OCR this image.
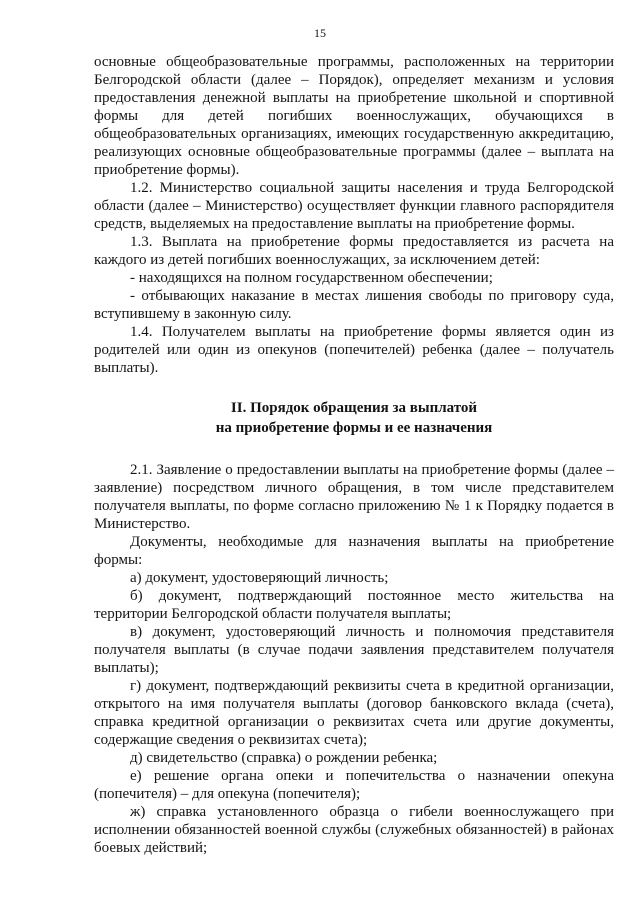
15

основные общеобразовательные программы, расположенных на территории Белгородской области (далее – Порядок), определяет механизм и условия предоставления денежной выплаты на приобретение школьной и спортивной формы для детей погибших военнослужащих, обучающихся в общеобразовательных организациях, имеющих государственную аккредитацию, реализующих основные общеобразовательные программы (далее – выплата на приобретение формы).

1.2. Министерство социальной защиты населения и труда Белгородской области (далее – Министерство) осуществляет функции главного распорядителя средств, выделяемых на предоставление выплаты на приобретение формы.

1.3. Выплата на приобретение формы предоставляется из расчета на каждого из детей погибших военнослужащих, за исключением детей:

- находящихся на полном государственном обеспечении;

- отбывающих наказание в местах лишения свободы по приговору суда, вступившему в законную силу.

1.4. Получателем выплаты на приобретение формы является один из родителей или один из опекунов (попечителей) ребенка (далее – получатель выплаты).

II. Порядок обращения за выплатой
на приобретение формы и ее назначения

2.1. Заявление о предоставлении выплаты на приобретение формы (далее – заявление) посредством личного обращения, в том числе представителем получателя выплаты, по форме согласно приложению № 1 к Порядку подается в Министерство.

Документы, необходимые для назначения выплаты на приобретение формы:

а) документ, удостоверяющий личность;

б) документ, подтверждающий постоянное место жительства на территории Белгородской области получателя выплаты;

в) документ, удостоверяющий личность и полномочия представителя получателя выплаты (в случае подачи заявления представителем получателя выплаты);

г) документ, подтверждающий реквизиты счета в кредитной организации, открытого на имя получателя выплаты (договор банковского вклада (счета), справка кредитной организации о реквизитах счета или другие документы, содержащие сведения о реквизитах счета);

д) свидетельство (справка) о рождении ребенка;

е) решение органа опеки и попечительства о назначении опекуна (попечителя) – для опекуна (попечителя);

ж) справка установленного образца о гибели военнослужащего при исполнении обязанностей военной службы (служебных обязанностей) в районах боевых действий;
